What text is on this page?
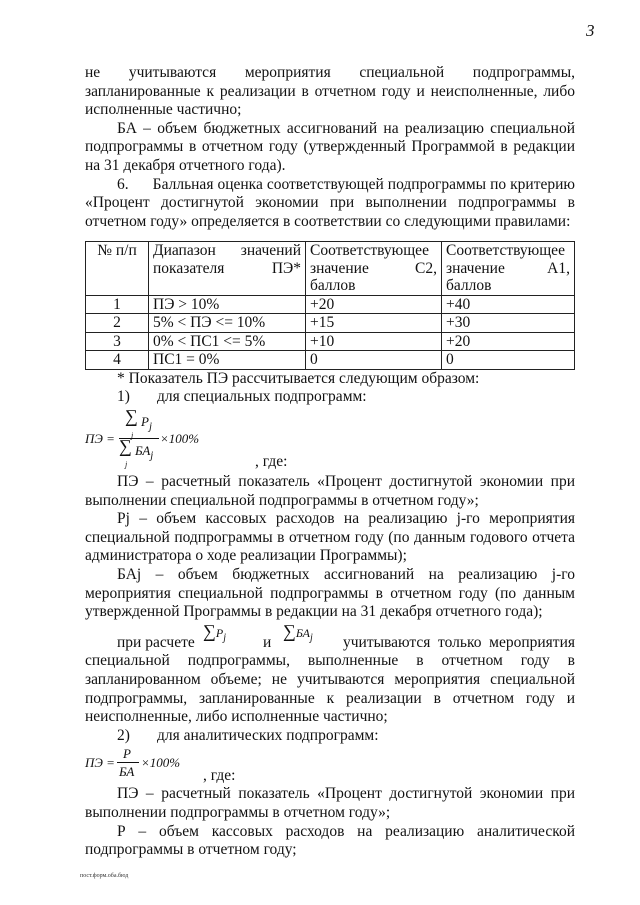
3

не учитываются мероприятия специальной подпрограммы, запланированные к реализации в отчетном году и неисполненные, либо исполненные частично;

БА – объем бюджетных ассигнований на реализацию специальной подпрограммы в отчетном году (утвержденный Программой в редакции на 31 декабря отчетного года).

6.      Балльная оценка соответствующей подпрограммы по критерию «Процент достигнутой экономии при выполнении подпрограммы в отчетном году» определяется в соответствии со следующими правилами:

№ п/п	Диапазон значений показателя ПЭ*	Соответствующее значение С2, баллов	Соответствующее значение А1, баллов
1	ПЭ > 10%	+20	+40
2	5% < ПЭ <= 10%	+15	+30
3	0% < ПС1 <= 5%	+10	+20
4	ПС1 = 0%	0	0

* Показатель ПЭ рассчитывается следующим образом:

1)	для специальных подпрограмм:
∑ $P_j$
ПЭ = j ×100%
∑ $БА_j$
j	, где:

ПЭ – расчетный показатель «Процент достигнутой экономии при выполнении специальной подпрограммы в отчетном году»;

Pj – объем кассовых расходов на реализацию j-го мероприятия специальной подпрограммы в отчетном году (по данным годового отчета администратора о ходе реализации Программы);

БАj – объем бюджетных ассигнований на реализацию j-го мероприятия специальной подпрограммы в отчетном году (по данным утвержденной Программы в редакции на 31 декабря отчетного года);

при расчете
$\sum P_j$ и
$\sum БА_j$	учитываются только мероприятия специальной подпрограммы, выполненные в отчетном году в запланированном объеме; не учитываются мероприятия специальной подпрограммы, запланированные к реализации в отчетном году и неисполненные, либо исполненные частично;

2)	для аналитических подпрограмм:
P
ПЭ =
БА
×100%
, где:

ПЭ – расчетный показатель «Процент достигнутой экономии при выполнении подпрограммы в отчетном году»;

Р – объем кассовых расходов на реализацию аналитической подпрограммы в отчетном году;

пост.форм.оба.бюд
